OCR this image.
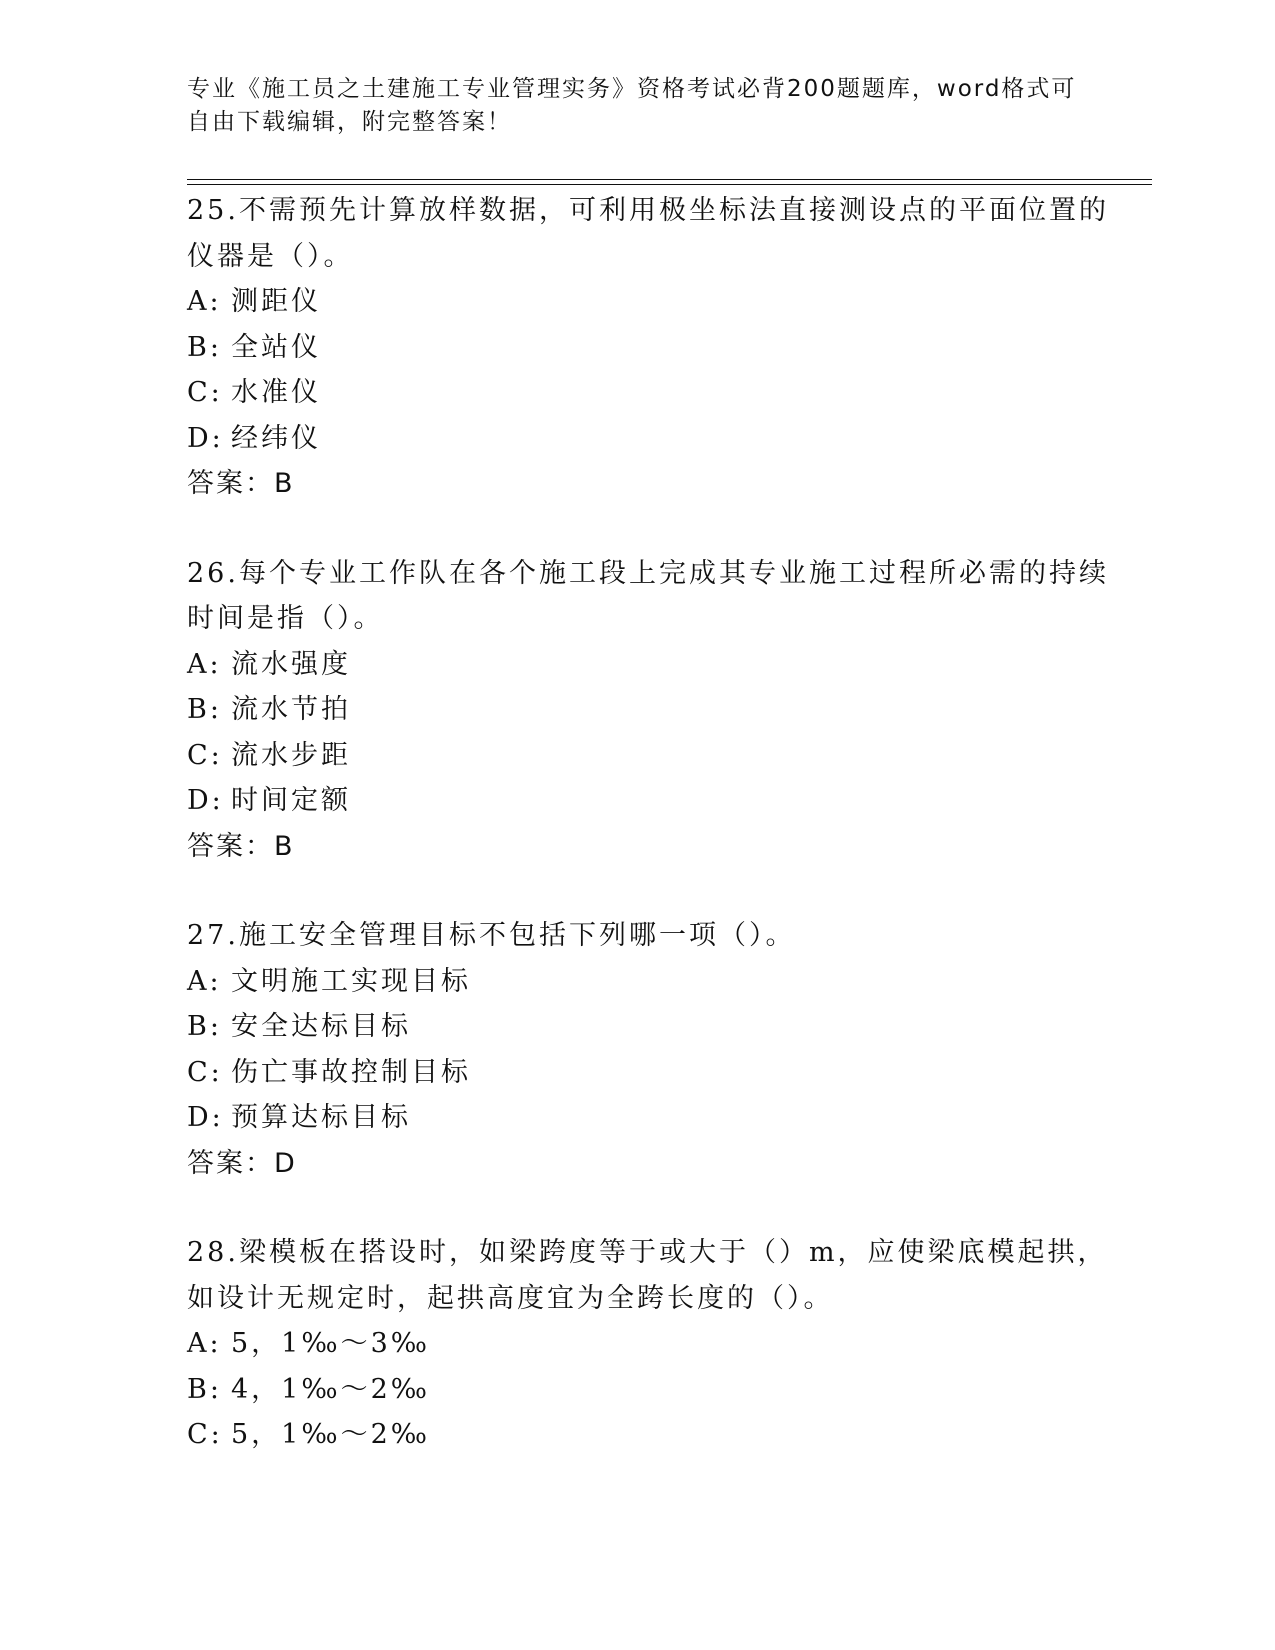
专业《施工员之土建施工专业管理实务》资格考试必背200题题库，word格式可
自由下载编辑，附完整答案！
25.不需预先计算放样数据，可利用极坐标法直接测设点的平面位置的
仪器是（）。
A: 测距仪
B: 全站仪
C: 水准仪
D: 经纬仪
答案：B
26.每个专业工作队在各个施工段上完成其专业施工过程所必需的持续
时间是指（）。
A: 流水强度
B: 流水节拍
C: 流水步距
D: 时间定额
答案：B
27.施工安全管理目标不包括下列哪一项（）。
A: 文明施工实现目标
B: 安全达标目标
C: 伤亡事故控制目标
D: 预算达标目标
答案：D
28.梁模板在搭设时，如梁跨度等于或大于（）m，应使梁底模起拱，
如设计无规定时，起拱高度宜为全跨长度的（）。
A: 5，1‰～3‰
B: 4，1‰～2‰
C: 5，1‰～2‰
